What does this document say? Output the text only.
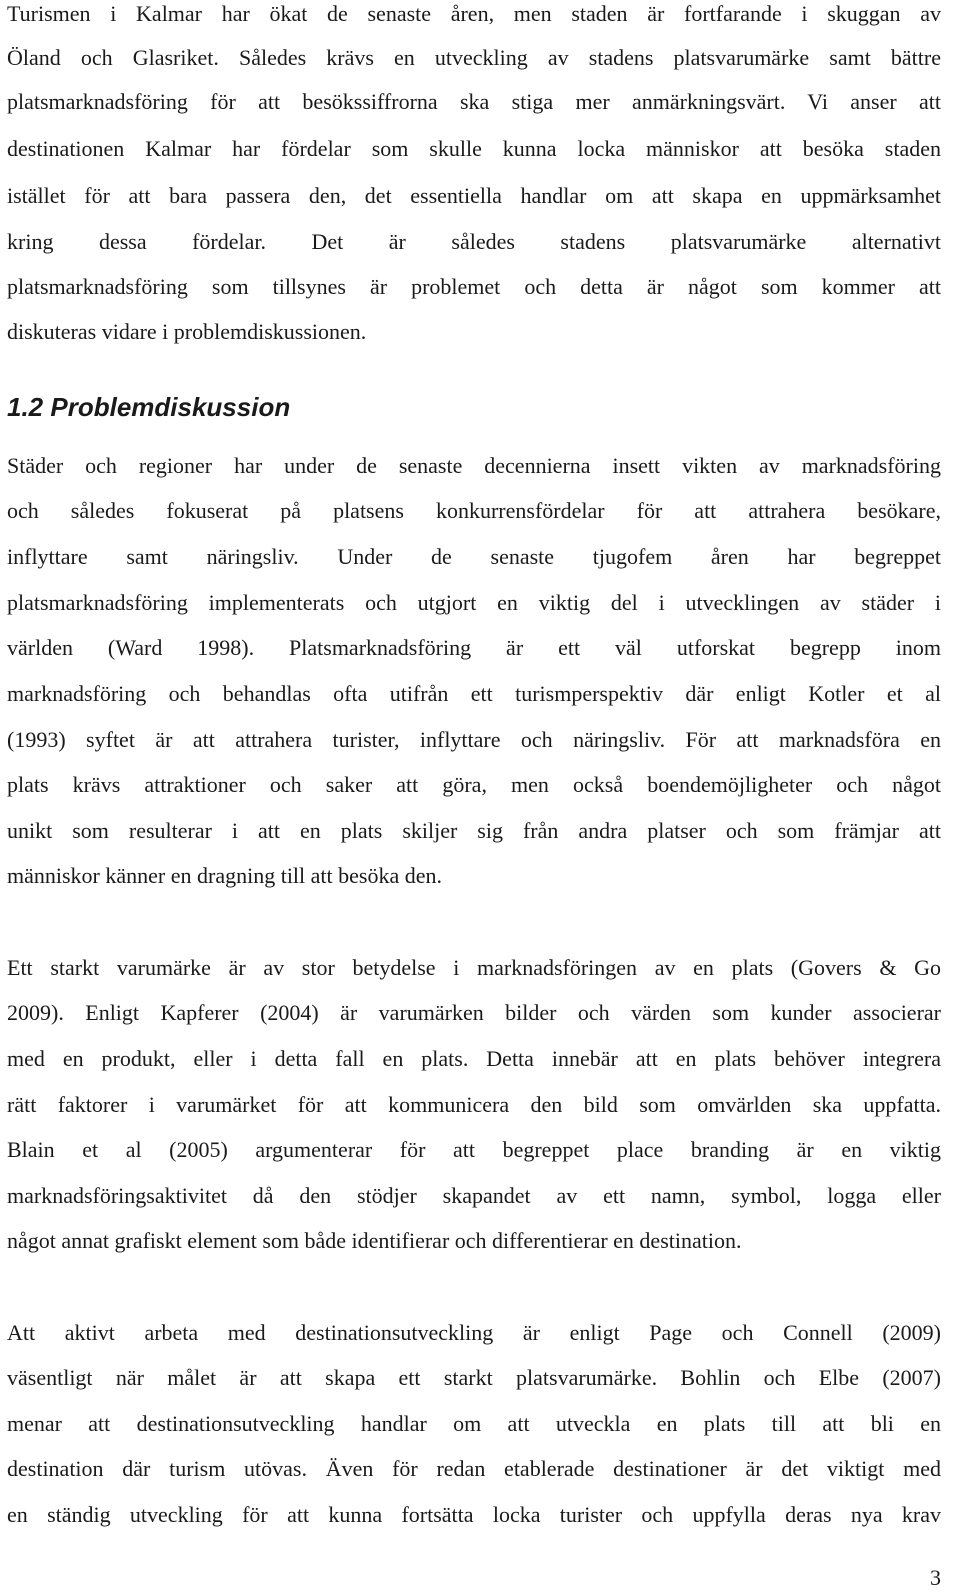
Turismen i Kalmar har ökat de senaste åren, men staden är fortfarande i skuggan av
Öland och Glasriket. Således krävs en utveckling av stadens platsvarumärke samt bättre
platsmarknadsföring för att besökssiffrorna ska stiga mer anmärkningsvärt. Vi anser att
destinationen Kalmar har fördelar som skulle kunna locka människor att besöka staden
istället för att bara passera den, det essentiella handlar om att skapa en uppmärksamhet
kring dessa fördelar. Det är således stadens platsvarumärke alternativt
platsmarknadsföring som tillsynes är problemet och detta är något som kommer att
diskuteras vidare i problemdiskussionen.
1.2 Problemdiskussion
Städer och regioner har under de senaste decennierna insett vikten av marknadsföring
och således fokuserat på platsens konkurrensfördelar för att attrahera besökare,
inflyttare samt näringsliv. Under de senaste tjugofem åren har begreppet
platsmarknadsföring implementerats och utgjort en viktig del i utvecklingen av städer i
världen (Ward 1998). Platsmarknadsföring är ett väl utforskat begrepp inom
marknadsföring och behandlas ofta utifrån ett turismperspektiv där enligt Kotler et al
(1993) syftet är att attrahera turister, inflyttare och näringsliv. För att marknadsföra en
plats krävs attraktioner och saker att göra, men också boendemöjligheter och något
unikt som resulterar i att en plats skiljer sig från andra platser och som främjar att
människor känner en dragning till att besöka den.
Ett starkt varumärke är av stor betydelse i marknadsföringen av en plats (Govers & Go
2009). Enligt Kapferer (2004) är varumärken bilder och värden som kunder associerar
med en produkt, eller i detta fall en plats. Detta innebär att en plats behöver integrera
rätt faktorer i varumärket för att kommunicera den bild som omvärlden ska uppfatta.
Blain et al (2005) argumenterar för att begreppet place branding är en viktig
marknadsföringsaktivitet då den stödjer skapandet av ett namn, symbol, logga eller
något annat grafiskt element som både identifierar och differentierar en destination.
Att aktivt arbeta med destinationsutveckling är enligt Page och Connell (2009)
väsentligt när målet är att skapa ett starkt platsvarumärke. Bohlin och Elbe (2007)
menar att destinationsutveckling handlar om att utveckla en plats till att bli en
destination där turism utövas. Även för redan etablerade destinationer är det viktigt med
en ständig utveckling för att kunna fortsätta locka turister och uppfylla deras nya krav
3
